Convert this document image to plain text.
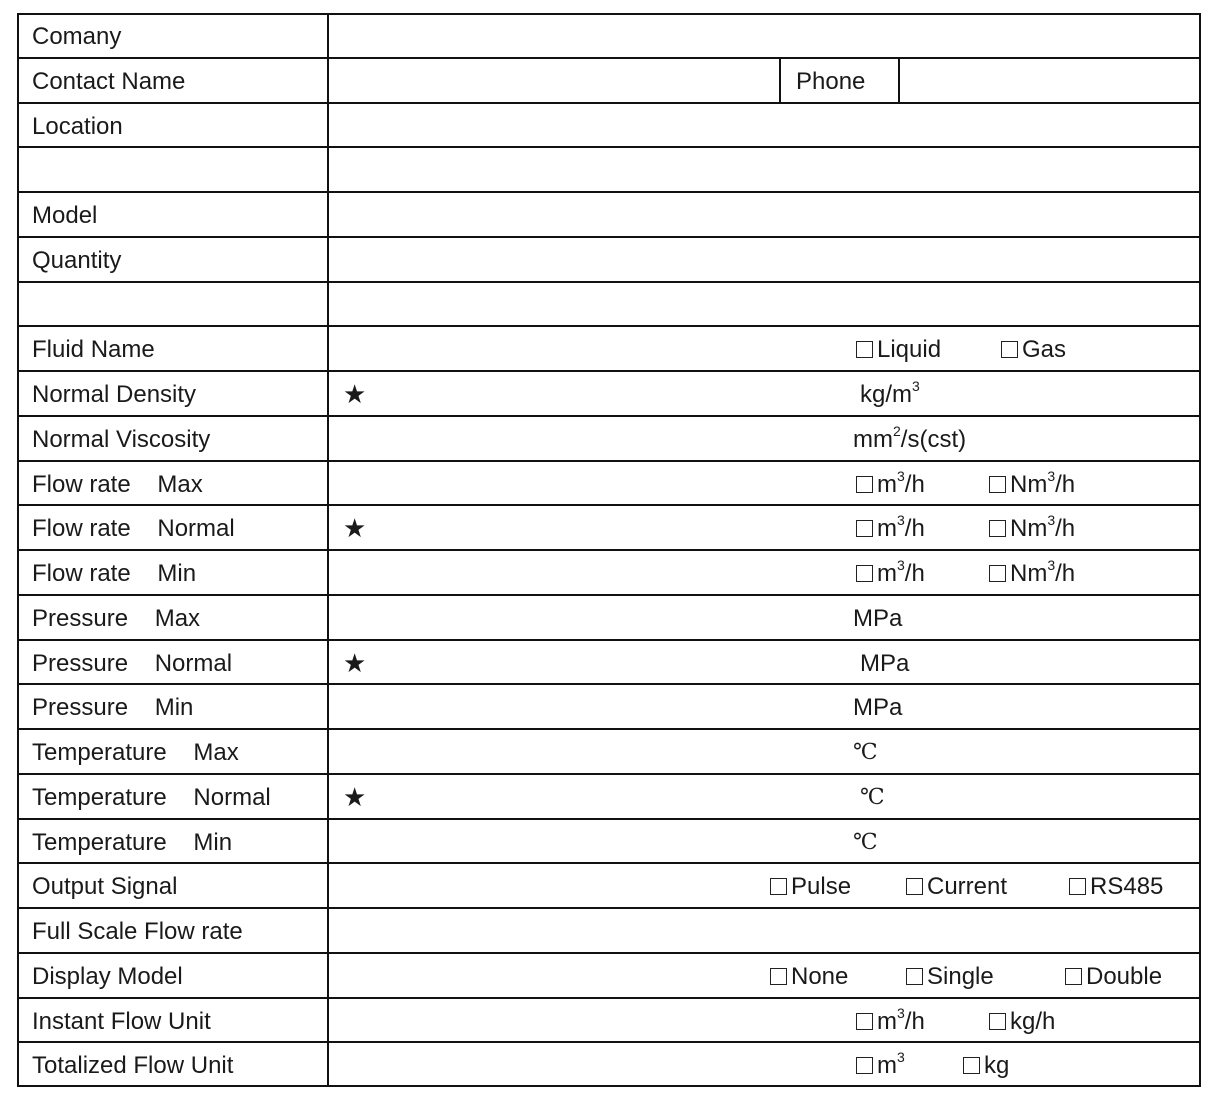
Comany
Contact Name	Phone
Location
Model
Quantity
Fluid Name	Liquid	Gas
Normal Density	★	$kg/m^3$
Normal Viscosity	$mm^2/s(cst)$
Flow rate    Max	$m^3/h$	Nm$^3$/h
Flow rate    Normal	★	$m^3/h$	Nm$^3$/h
Flow rate    Min	$m^3/h$	Nm$^3$/h
Pressure    Max	MPa
Pressure    Normal	★	MPa
Pressure    Min	MPa
Temperature    Max	℃
Temperature    Normal	★	℃
Temperature    Min	℃
Output Signal	Pulse	Current	RS485
Full Scale Flow rate
Display Model	None	Single	Double
Instant Flow Unit	$m^3/h$	kg/h
Totalized Flow Unit	$m^3$	kg
